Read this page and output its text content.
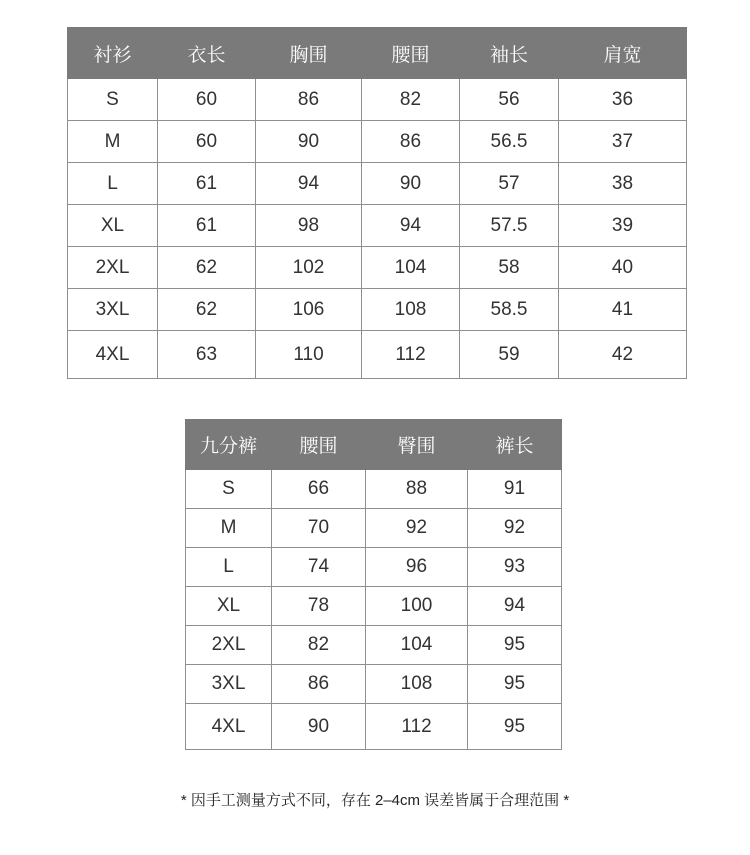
衬衫	衣长	胸围	腰围	袖长	肩宽
S	60	86	82	56	36
M	60	90	86	56.5	37
L	61	94	90	57	38
XL	61	98	94	57.5	39
2XL	62	102	104	58	40
3XL	62	106	108	58.5	41
4XL	63	110	112	59	42
九分裤	腰围	臀围	裤长
S	66	88	91
M	70	92	92
L	74	96	93
XL	78	100	94
2XL	82	104	95
3XL	86	108	95
4XL	90	112	95
* 因手工测量方式不同，存在 2–4cm 误差皆属于合理范围 *
